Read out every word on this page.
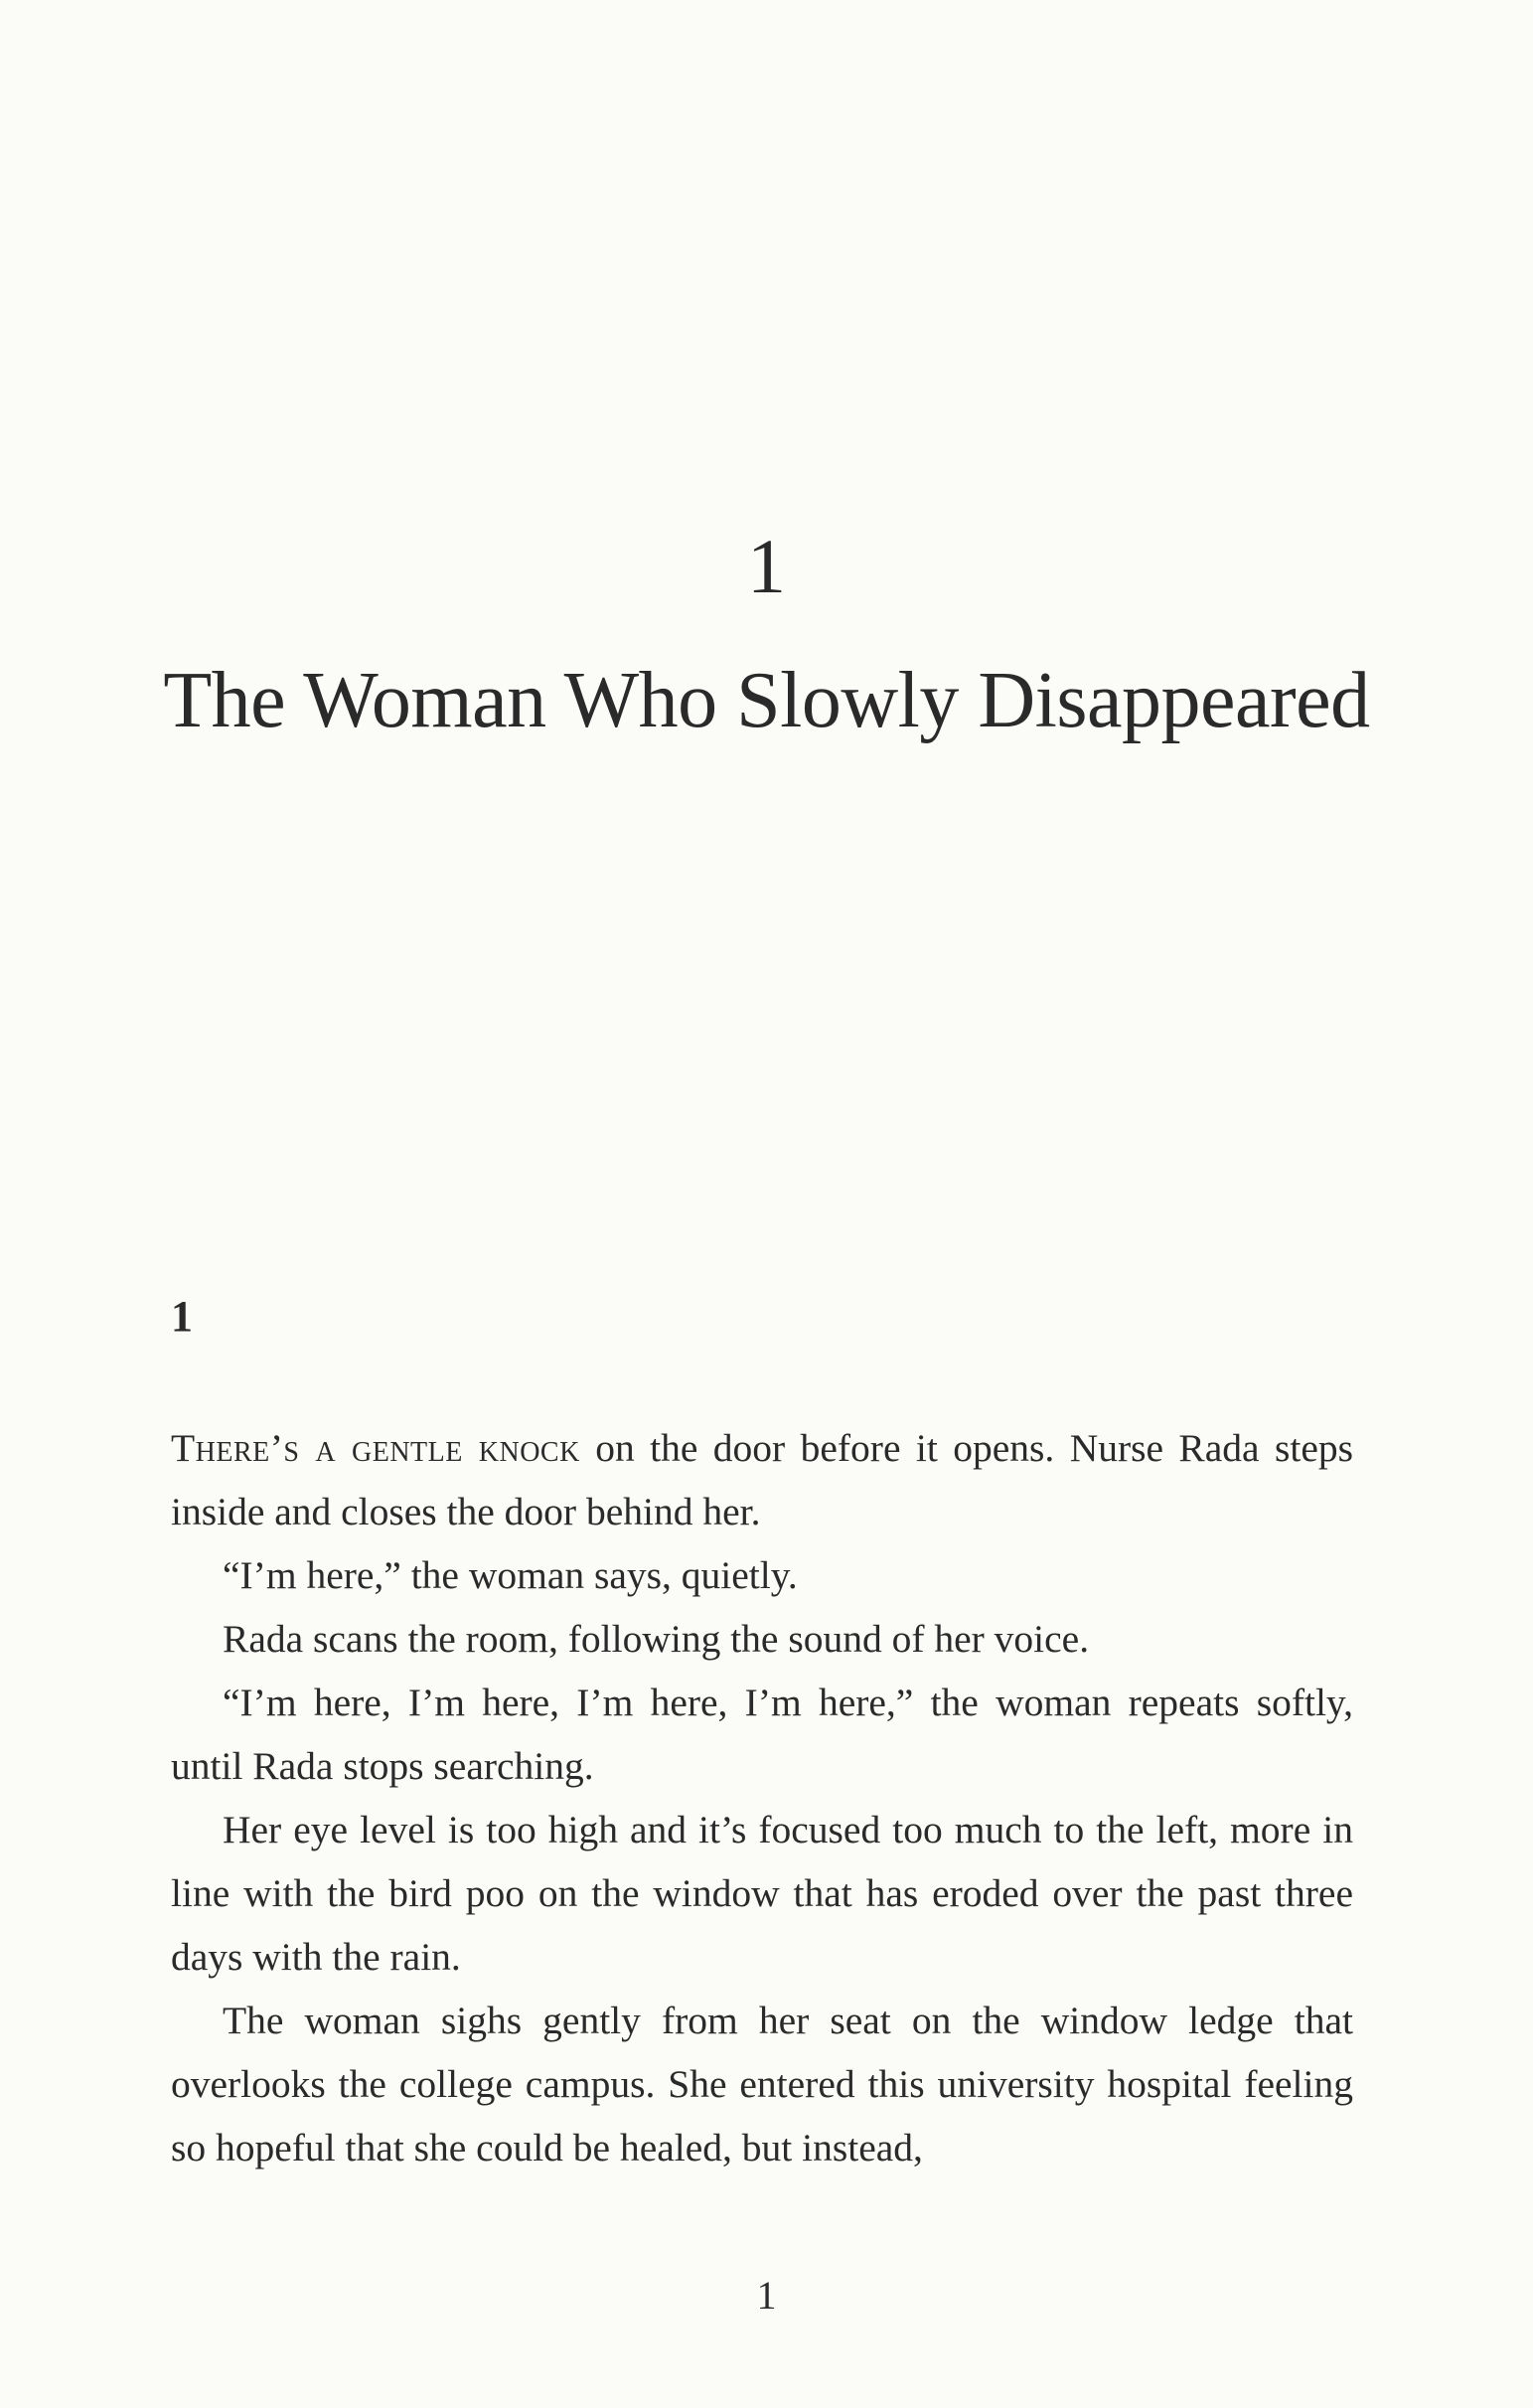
1
The Woman Who Slowly Disappeared
1

There’s a gentle knock on the door before it opens. Nurse Rada steps inside and closes the door behind her.

“I’m here,” the woman says, quietly.

Rada scans the room, following the sound of her voice.

“I’m here, I’m here, I’m here, I’m here,” the woman repeats softly, until Rada stops searching.

Her eye level is too high and it’s focused too much to the left, more in line with the bird poo on the window that has eroded over the past three days with the rain.

The woman sighs gently from her seat on the window ledge that overlooks the college campus. She entered this university hospital feeling so hopeful that she could be healed, but instead,

1
